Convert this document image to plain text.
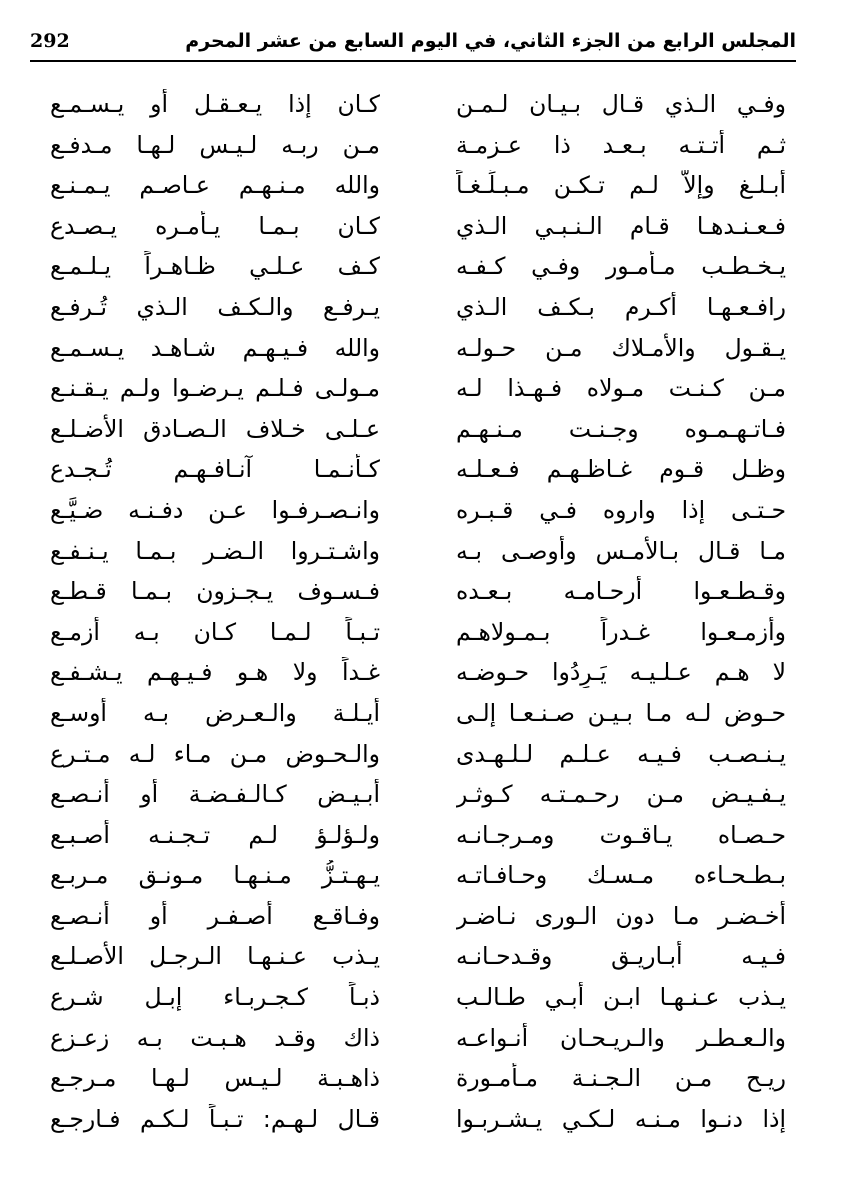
المجلس الرابع من الجزء الثاني، في اليوم السابع من عشر المحرم
292
وفـي الـذي قـال بـيـان لـمـن
كـان إذا يـعـقـل أو يـسـمـع
ثـم أتـتـه بـعـد ذا عـزمـة
مـن ربـه لـيـس لـهـا مـدفـع
أبـلـغ وإلاَّ لـم تـكـن مـبـلِّـغـاً
والله مـنـهـم عـاصـم يـمـنـع
فـعـنـدهـا قـام الـنـبـي الـذي
كـان بـمـا يـأمـره يـصـدع
يـخـطـب مـأمـور وفـي كـفـه
كـف عـلـي ظـاهـراً يـلـمـع
رافـعـهـا أكـرم بـكـف الـذي
يـرفـع والـكـف الـذي تُـرفـع
يـقـول والأمـلاك مـن حـولـه
والله فـيـهـم شـاهـد يـسـمـع
مـن كـنـت مـولاه فـهـذا لـه
مـولـى فـلـم يـرضـوا ولـم يـقـنـع
فـاتـهـمـوه وجـنـت مـنـهـم
عـلـى خـلاف الـصـادق الأضـلـع
وظـل قـوم غـاظـهـم فـعـلـه
كـأنـمـا آنـافـهـم تُـجـدع
حـتـى إذا واروه فـي قـبـره
وانـصـرفـوا عـن دفـنـه ضـيَّـع
مـا قـال بـالأمـس وأوصـى بـه
واشـتـروا الـضـر بـمـا يـنـفـع
وقـطـعـوا أرحـامـه بـعـده
فـسـوف يـجـزون بـمـا قـطـع
وأزمـعـوا غـدراً بـمـولاهـم
تـبـاً لـمـا كـان بـه أزمـع
لا هـم عـلـيـه يَـرِدُوا حـوضـه
غـداً ولا هـو فـيـهـم يـشـفـع
حـوض لـه مـا بـيـن صـنـعـا إلـى
أيـلـة والـعـرض بـه أوسـع
يـنـصـب فـيـه عـلـم لـلـهـدى
والـحـوض مـن مـاء لـه مـتـرع
يـفـيـض مـن رحـمـتـه كـوثـر
أبـيـض كـالـفـضـة أو أنـصـع
حـصـاه يـاقـوت ومـرجـانـه
ولـؤلـؤ لـم تـجـنـه أصـبـع
بـطـحـاءه مـسـك وحـافـاتـه
يـهـتـزُّ مـنـهـا مـونـق مـربـع
أخـضـر مـا دون الـورى نـاضـر
وفـاقـع أصـفـر أو أنـصـع
فـيـه أبـاريـق وقـدحـانـه
يـذب عـنـهـا الـرجـل الأصـلـع
يـذب عـنـهـا ابـن أبـي طـالـب
ذبـاً كـجـربـاء إبـل شـرع
والـعـطـر والـريـحـان أنـواعـه
ذاك وقـد هـبـت بـه زعـزع
ريـح مـن الـجـنـة مـأمـورة
ذاهـبـة لـيـس لـهـا مـرجـع
إذا دنـوا مـنـه لـكـي يـشـربـوا
قـال لـهـم: تـبـاً لـكـم فـارجـع
